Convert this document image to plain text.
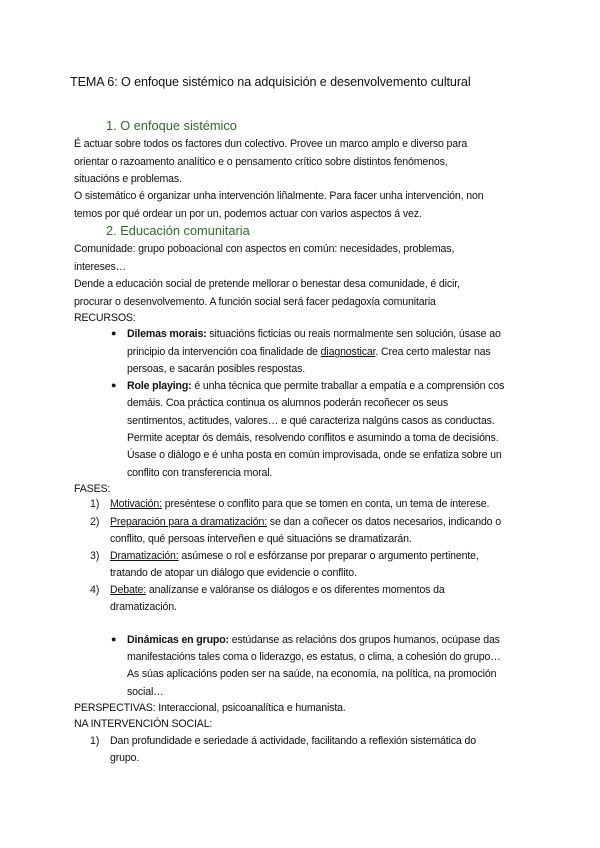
TEMA 6: O enfoque sistémico na adquisición e desenvolvemento cultural
1. O enfoque sistémico
É actuar sobre todos os factores dun colectivo. Provee un marco amplo e diverso para
orientar o razoamento analítico e o pensamento crítico sobre distintos fenómenos,
situacións e problemas.
O sistemático é organizar unha intervención liñalmente. Para facer unha intervención, non
temos por qué ordear un por un, podemos actuar con varios aspectos á vez.
2. Educación comunitaria
Comunidade: grupo poboacional con aspectos en común: necesidades, problemas,
intereses…
Dende a educación social de pretende mellorar o benestar desa comunidade, é dicir,
procurar o desenvolvemento. A función social será facer pedagoxía comunitaria
RECURSOS:
● Dilemas morais: situacións ficticias ou reais normalmente sen solución, úsase ao
principio da intervención coa finalidade de diagnosticar. Crea certo malestar nas
persoas, e sacarán posibles respostas.
● Role playing: é unha técnica que permite traballar a empatía e a comprensión cos
demáis. Coa práctica continua os alumnos poderán recoñecer os seus
sentimentos, actitudes, valores… e qué caracteriza nalgúns casos as conductas.
Permite aceptar ós demáis, resolvendo conflitos e asumindo a toma de decisións.
Úsase o diálogo e é unha posta en común improvisada, onde se enfatiza sobre un
conflito con transferencia moral.
FASES:
1) Motivación: preséntese o conflito para que se tomen en conta, un tema de interese.
2) Preparación para a dramatización: se dan a coñecer os datos necesarios, indicando o
conflito, qué persoas interveñen e qué situacións se dramatizarán.
3) Dramatización: asúmese o rol e esfórzanse por preparar o argumento pertinente,
tratando de atopar un diálogo que evidencie o conflito.
4) Debate: analízanse e valóranse os diálogos e os diferentes momentos da
dramatización.
● Dinámicas en grupo: estúdanse as relacións dos grupos humanos, ocúpase das
manifestacións tales coma o liderazgo, es estatus, o clima, a cohesión do grupo…
As súas aplicacións poden ser na saúde, na economía, na política, na promoción
social…
PERSPECTIVAS: Interaccional, psicoanalítica e humanista.
NA INTERVENCIÓN SOCIAL:
1) Dan profundidade e seriedade á actividade, facilitando a reflexión sistemática do
grupo.
